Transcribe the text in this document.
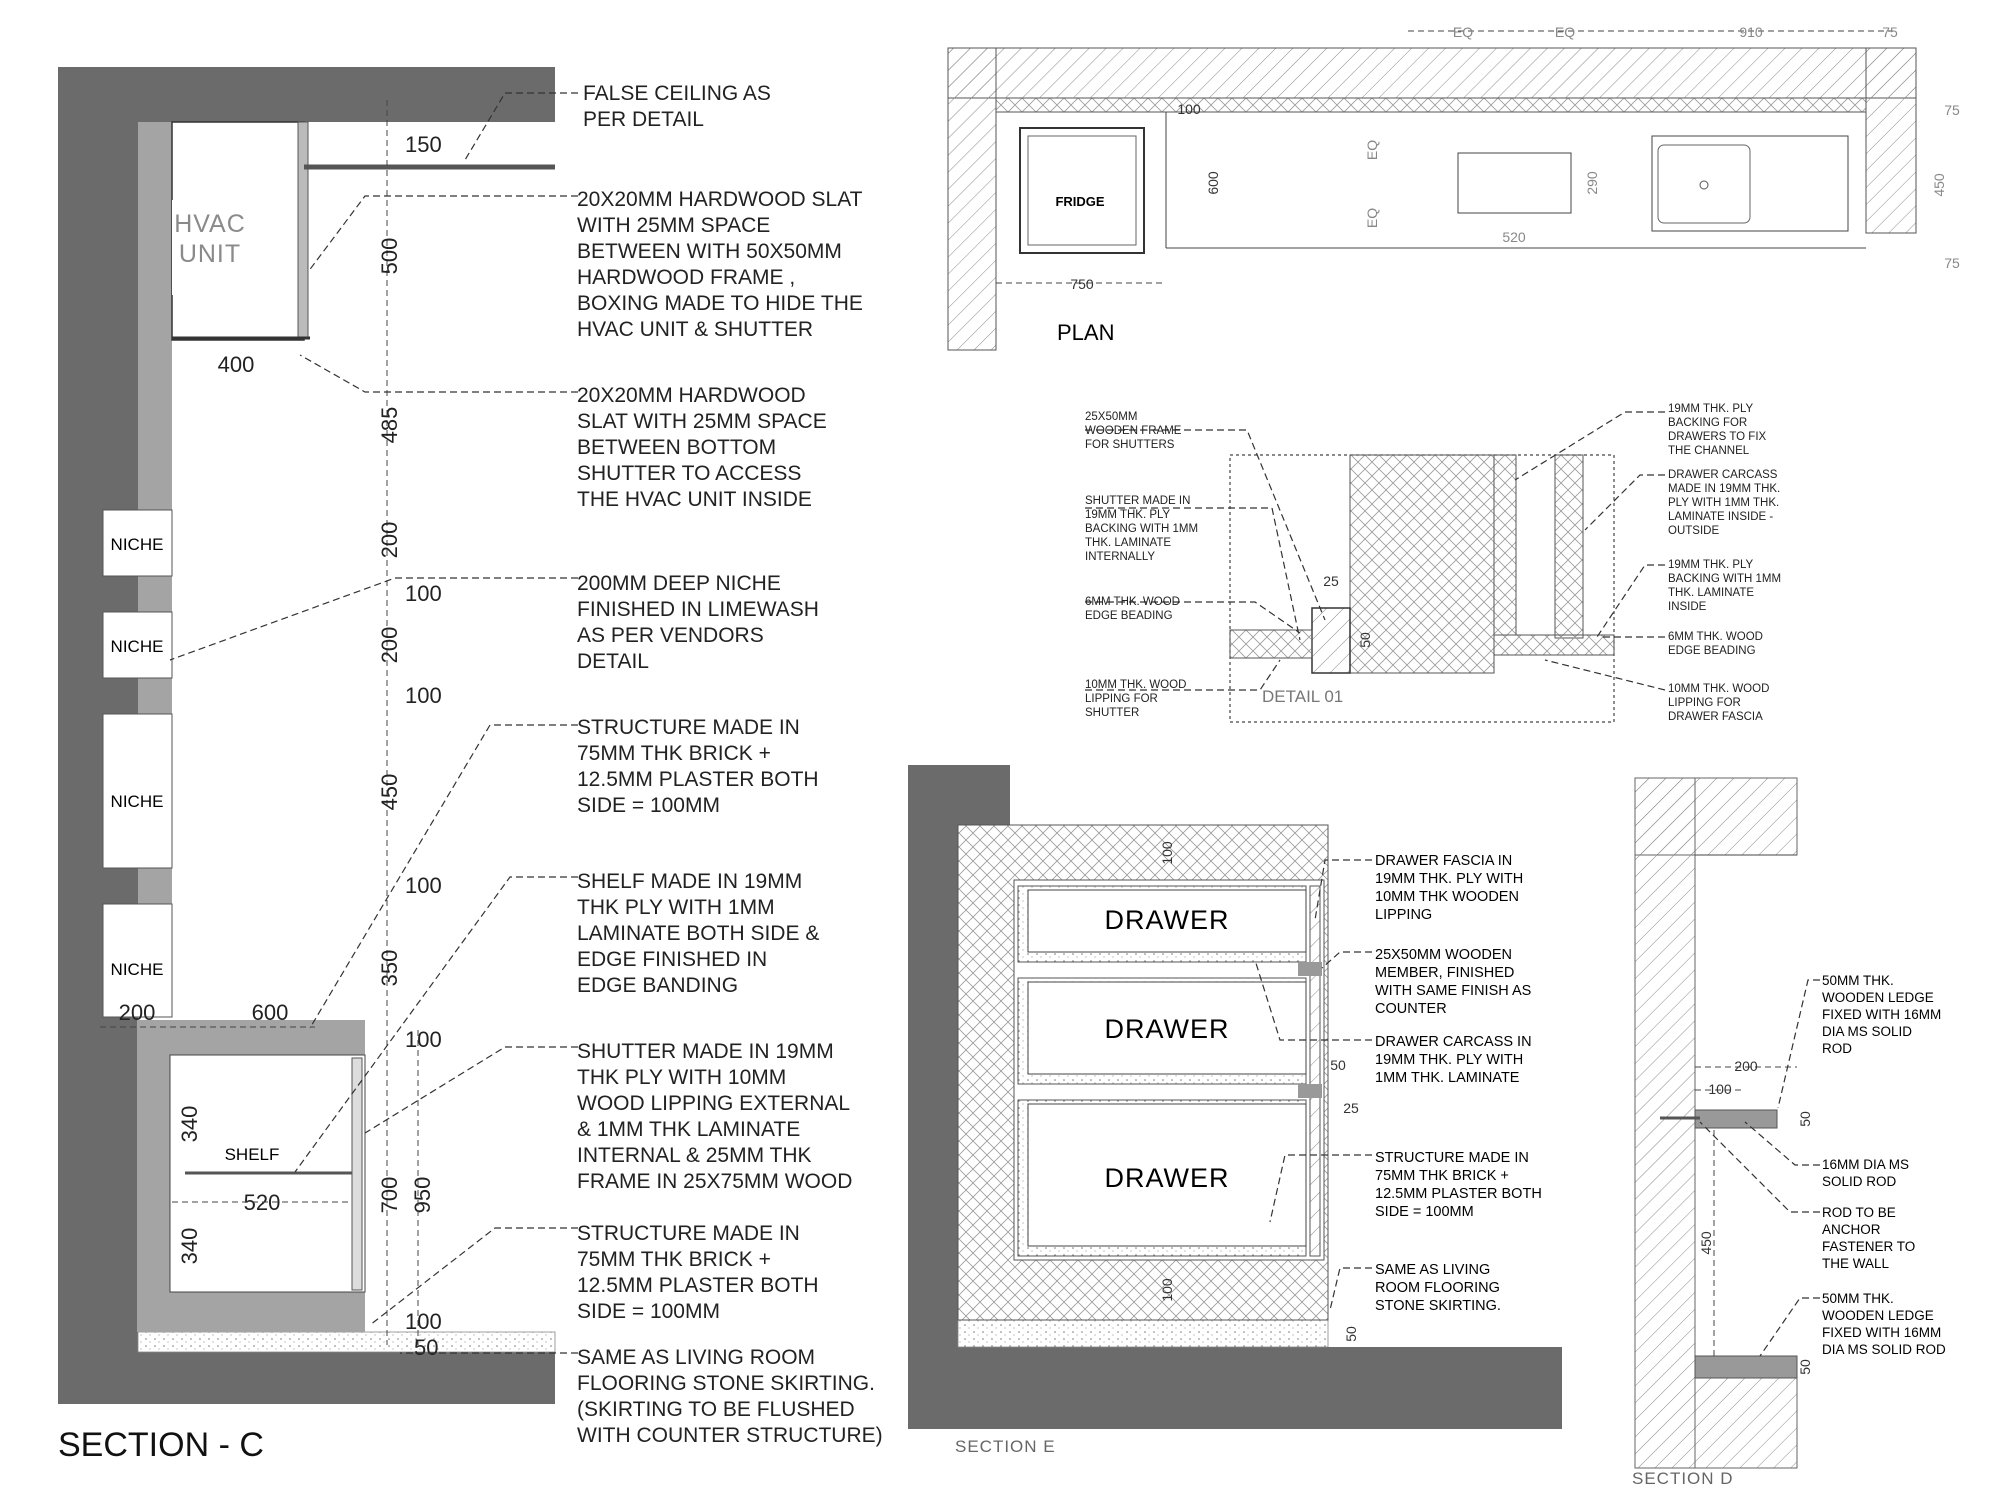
HVAC
UNIT
NICHE
NICHE
NICHE
NICHE
SHELF
150
500
400
485
200
100
200
100
450
100
350
200	600
100
340
520
340
700 950
100
50
FALSE CEILING AS PER DETAIL
20X20MM HARDWOOD SLAT WITH 25MM SPACE BETWEEN WITH 50X50MM HARDWOOD FRAME , BOXING MADE TO HIDE THE HVAC UNIT & SHUTTER
20X20MM HARDWOOD SLAT WITH 25MM SPACE BETWEEN BOTTOM SHUTTER TO ACCESS THE HVAC UNIT INSIDE
200MM DEEP NICHE FINISHED IN LIMEWASH AS PER VENDORS DETAIL
STRUCTURE MADE IN 75MM THK BRICK + 12.5MM PLASTER BOTH SIDE = 100MM
SHELF MADE IN 19MM THK PLY WITH 1MM LAMINATE BOTH SIDE & EDGE FINISHED IN EDGE BANDING
SHUTTER MADE IN 19MM THK PLY WITH 10MM WOOD LIPPING EXTERNAL & 1MM THK LAMINATE INTERNAL & 25MM THK FRAME IN 25X75MM WOOD
STRUCTURE MADE IN 75MM THK BRICK + 12.5MM PLASTER BOTH SIDE = 100MM
SAME AS LIVING ROOM FLOORING STONE SKIRTING. (SKIRTING TO BE FLUSHED WITH COUNTER STRUCTURE)
SECTION - C
FRIDGE
EQ	EQ	910	75
100
600
EQ
EQ
290
520
750
75
450
75
PLAN
25
50
DETAIL 01
25X50MM WOODEN FRAME FOR SHUTTERS
SHUTTER MADE IN 19MM THK. PLY BACKING WITH 1MM THK. LAMINATE INTERNALLY
6MM THK. WOOD EDGE BEADING
10MM THK. WOOD LIPPING FOR SHUTTER
19MM THK. PLY BACKING FOR DRAWERS TO FIX THE CHANNEL
DRAWER CARCASS MADE IN 19MM THK. PLY WITH 1MM THK. LAMINATE INSIDE - OUTSIDE
19MM THK. PLY BACKING WITH 1MM THK. LAMINATE INSIDE
6MM THK. WOOD EDGE BEADING
10MM THK. WOOD LIPPING FOR DRAWER FASCIA
DRAWER
DRAWER
DRAWER
100
50
25
100
50
DRAWER FASCIA IN 19MM THK. PLY WITH 10MM THK WOODEN LIPPING
25X50MM WOODEN MEMBER, FINISHED WITH SAME FINISH AS COUNTER
DRAWER CARCASS IN 19MM THK. PLY WITH 1MM THK. LAMINATE
STRUCTURE MADE IN 75MM THK BRICK + 12.5MM PLASTER BOTH SIDE = 100MM
SAME AS LIVING ROOM FLOORING STONE SKIRTING.
SECTION E
200
100
50
450
50
50MM THK. WOODEN LEDGE FIXED WITH 16MM DIA MS SOLID ROD
16MM DIA MS SOLID ROD
ROD TO BE ANCHOR FASTENER TO THE WALL
50MM THK. WOODEN LEDGE FIXED WITH 16MM DIA MS SOLID ROD
SECTION D
